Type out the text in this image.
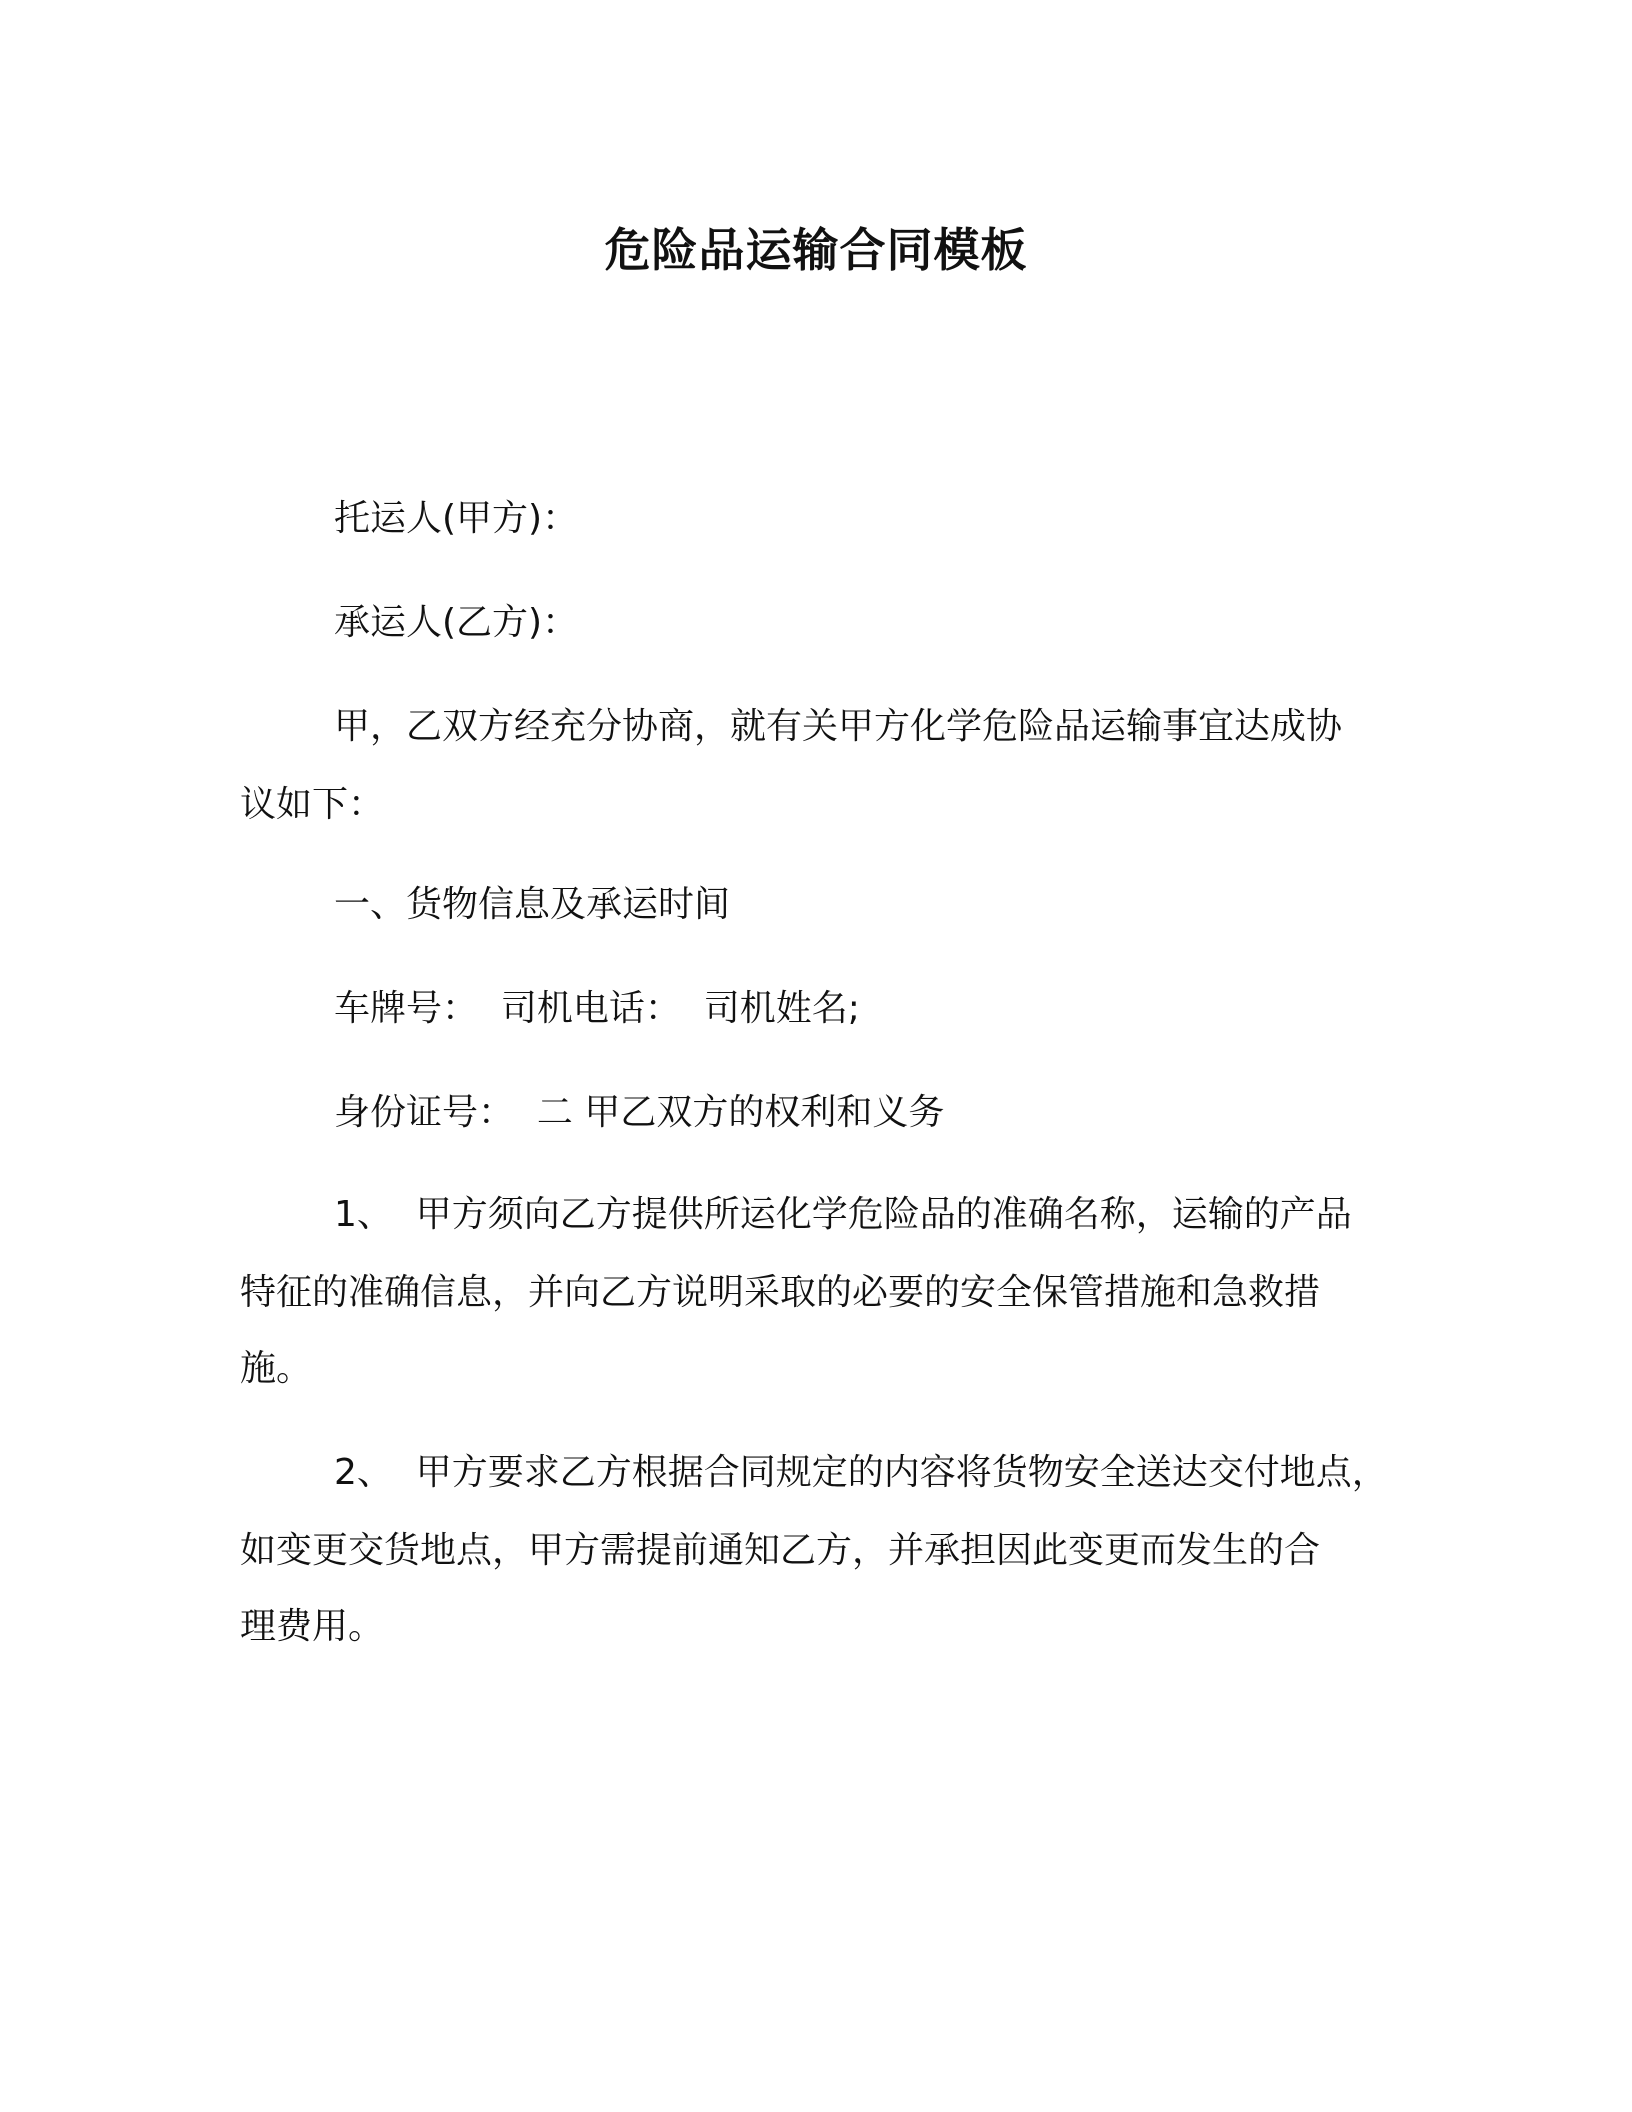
危险品运输合同模板
托运人(甲方)：
承运人(乙方)：
甲，乙双方经充分协商，就有关甲方化学危险品运输事宜达成协
议如下：
一、货物信息及承运时间
车牌号：  司机电话：  司机姓名;
身份证号：  二 甲乙双方的权利和义务
1、  甲方须向乙方提供所运化学危险品的准确名称，运输的产品
特征的准确信息，并向乙方说明采取的必要的安全保管措施和急救措
施。
2、  甲方要求乙方根据合同规定的内容将货物安全送达交付地点，
如变更交货地点，甲方需提前通知乙方，并承担因此变更而发生的合
理费用。
